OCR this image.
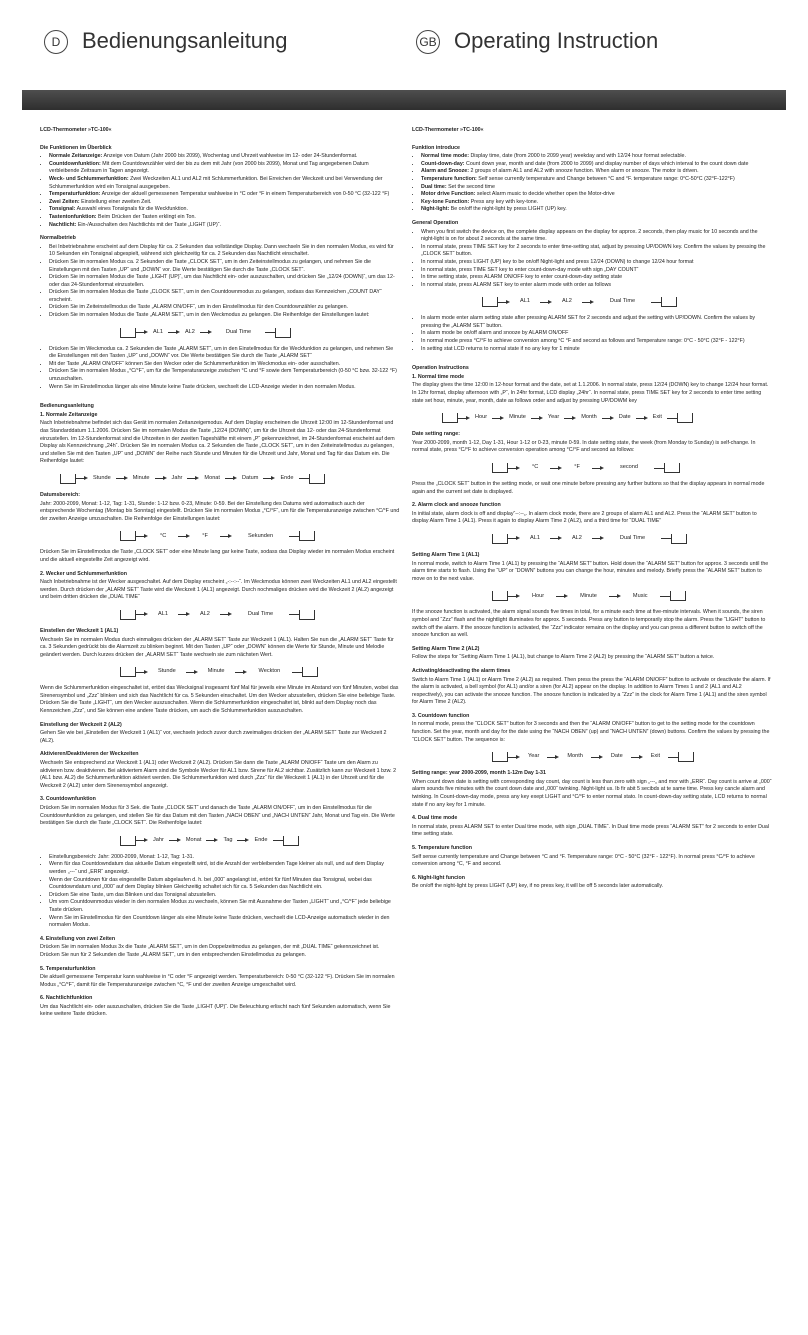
D Bedienungsanleitung	GB Operating Instruction

LCD-Thermometer »TC-100«

Die Funktionen im Überblick

• Normale Zeitanzeige: Anzeige von Datum (Jahr 2000 bis 2099), Wochentag und Uhrzeit wahlweise im 12- oder 24-Stundenformat.
• Countdownfunktion: Mit dem Countdownzähler wird der bis zu dem mit Jahr (von 2000 bis 2099), Monat und Tag angegebenen Datum verbleibende Zeitraum in Tagen angezeigt.
• Weck- und Schlummerfunktion: Zwei Weckzeiten AL1 und AL2 mit Schlummerfunktion. Bei Erreichen der Weckzeit und bei Verwendung der Schlummerfunktion wird ein Tonsignal ausgegeben.
• Temperaturfunktion: Anzeige der aktuell gemessenen Temperatur wahlweise in °C oder °F in einem Temperaturbereich von 0-50 °C (32-122 °F)
• Zwei Zeiten: Einstellung einer zweiten Zeit.
• Tonsignal: Auswahl eines Tonsignals für die Weckfunktion.
• Tastentonfunktion: Beim Drücken der Tasten erklingt ein Ton.
• Nachtlicht: Ein-/Ausschalten des Nachtlichts mit der Taste „LIGHT (UP)“.

Normalbetrieb

• Bei Inbetriebnahme erscheint auf dem Display für ca. 2 Sekunden das vollständige Display. Dann wechseln Sie in den normalen Modus, es wird für 10 Sekunden ein Tonsignal abgespielt, während sich gleichzeitig für ca. 2 Sekunden das Nachtlicht einschaltet.
• Drücken Sie im normalen Modus ca. 2 Sekunden die Taste „CLOCK SET“, um in den Zeiteinstellmodus zu gelangen, und nehmen Sie die Einstellungen mit den Tasten „UP“ und „DOWN“ vor. Die Werte bestätigen Sie durch die Taste „CLOCK SET“.
• Drücken Sie im normalen Modus die Taste „LIGHT (UP)“, um das Nachtlicht ein- oder auszuschalten, und drücken Sie „12/24 (DOWN)“, um das 12- oder das 24-Stundenformat einzustellen.
• Drücken Sie im normalen Modus die Taste „CLOCK SET“, um in den Countdownmodus zu gelangen, sodass das Kennzeichen „COUNT DAY“ erscheint.
• Drücken Sie im Zeiteinstellmodus die Taste „ALARM ON/OFF“, um in den Einstellmodus für den Countdownzähler zu gelangen.
• Drücken Sie im normalen Modus die Taste „ALARM SET“, um in den Weckmodus zu gelangen. Die Reihenfolge der Einstellungen lautet:
AL1	AL2	Dual Time
• Drücken Sie im Weckmodus ca. 2 Sekunden die Taste „ALARM SET“, um in den Einstellmodus für die Weckfunktion zu gelangen, und nehmen Sie die Einstellungen mit den Tasten „UP“ und „DOWN“ vor. Die Werte bestätigen Sie durch die Taste „ALARM SET“
• Mit der Taste „ALARM ON/OFF“ können Sie den Wecker oder die Schlummerfunktion im Weckmodus ein- oder ausschalten.
• Drücken Sie im normalen Modus „°C/°F“, um für die Temperaturanzeige zwischen °C und °F sowie dem Temperaturbereich (0-50 °C bzw. 32-122 °F) umzuschalten.
• Wenn Sie im Einstellmodus länger als eine Minute keine Taste drücken, wechselt die LCD-Anzeige wieder in den normalen Modus.

Bedienungsanleitung

1. Normale Zeitanzeige

Nach Inbetriebnahme befindet sich das Gerät im normalen Zeitanzeigemodus. Auf dem Display erscheinen die Uhrzeit 12:00 im 12-Stundenformat und das Standarddatum 1.1.2006. Drücken Sie im normalen Modus die Taste „12/24 (DOWN)“, um für die Uhrzeit das 12- oder das 24-Stundenformat einzustellen. Im 12-Stundenformat sind die Uhrzeiten in der zweiten Tageshälfte mit einem „P“ gekennzeichnet, im 24-Stundenformat erscheint auf dem Display als Kennzeichnung „24h“. Drücken Sie im normalen Modus ca. 2 Sekunden die Taste „CLOCK SET“, um in den Zeiteinstellmodus zu gelangen, und stellen Sie mit den Tasten „UP“ und „DOWN“ der Reihe nach Stunde und Minuten für die Uhrzeit und Jahr, Monat und Tag für das Datum ein. Die Reihenfolge lautet:

Stunde	Minute	Jahr	Monat	Datum	Ende

Datumsbereich:

Jahr: 2000-2099, Monat: 1-12, Tag: 1-31, Stunde: 1-12 bzw. 0-23, Minute: 0-59. Bei der Einstellung des Datums wird automatisch auch der entsprechende Wochentag (Montag bis Sonntag) eingestellt. Drücken Sie im normalen Modus „°C/°F“, um für die Temperaturanzeige zwischen °C/°F und der zweiten Anzeige umzuschalten. Die Reihenfolge der Einstellungen lautet:

°C	°F	Sekunden

Drücken Sie im Einstellmodus die Taste „CLOCK SET“ oder eine Minute lang gar keine Taste, sodass das Display wieder im normalen Modus erscheint und die aktuell eingestellte Zeit angezeigt wird.

2. Wecker und Schlummerfunktion

Nach Inbetriebnahme ist der Wecker ausgeschaltet. Auf dem Display erscheint „-:--:--“. Im Weckmodus können zwei Weckzeiten AL1 und AL2 eingestellt werden. Durch drücken der „ALARM SET“ Taste wird die Weckzeit 1 (AL1) angezeigt. Durch nochmaliges drücken wird die Weckzeit 2 (AL2) angezeigt und beim dritten drücken die „DUAL TIME“

AL1	AL2	Dual Time

Einstellen der Weckzeit 1 (AL1)

Wechseln Sie im normalen Modus durch einmaliges drücken der „ALARM SET“ Taste zur Weckzeit 1 (AL1). Halten Sie nun die „ALARM SET“ Taste für ca. 3 Sekunden gedrückt bis die Alarmzeit zu blinken beginnt. Mit den Tasten „UP“ oder „DOWN“ können die Werte für Stunde, Minute und Melodie geändert werden. Durch kurzes drücken der „ALARM SET“ Taste wechseln sie zum nächsten Wert.

Stunde	Minute	Weckton

Wenn die Schlummerfunktion eingeschaltet ist, ertönt das Wecksignal insgesamt fünf Mal für jeweils eine Minute im Abstand von fünf Minuten, wobei das Sirenensymbol und „Zzz“ blinken und sich das Nachtlicht für ca. 5 Sekunden einschaltet. Um den Wecker abzustellen, drücken Sie eine beliebige Taste. Drücken Sie die Taste „LIGHT“, um den Wecker auszuschalten. Wenn die Schlummerfunktion eingeschaltet ist, blinkt auf dem Display noch das Kennzeichen „Zzz“, und Sie können eine andere Taste drücken, um auch die Schlummerfunktion auszuschalten.

Einstellung der Weckzeit 2 (AL2)

Gehen Sie wie bei „Einstellen der Weckzeit 1 (AL1)“ vor, wechseln jedoch zuvor durch zweimaliges drücken der „ALARM SET“ Taste zur Weckzeit 2 (AL2).

Aktivieren/Deaktivieren der Weckzeiten

Wechseln Sie entsprechend zur Weckzeit 1 (AL1) oder Weckzeit 2 (AL2). Drücken Sie dann die Taste „ALARM ON/OFF“ Taste um den Alarm zu aktivieren bzw. deaktivieren. Bei aktiviertem Alarm sind die Symbole Wecker für AL1 bzw. Sirene für AL2 sichtbar. Zusätzlich kann zur Weckzeit 1 bzw. 2 (AL1 bzw. AL2) die Schlummerfunktion aktiviert werden. Die Schlummerfunktion wird durch „Zzz“ für die Weckzeit 1 (AL1) in der Uhrzeit und für die Weckzeit 2 (AL2) unter dem Sirenensymbol angezeigt.

3. Countdownfunktion

Drücken Sie im normalen Modus für 3 Sek. die Taste „CLOCK SET“ und danach die Taste „ALARM ON/OFF“, um in den Einstellmodus für die Countdownfunktion zu gelangen, und stellen Sie für das Datum mit den Tasten „NACH OBEN“ und „NACH UNTEN“ Jahr, Monat und Tag ein. Die Werte bestätigen Sie durch die Taste „CLOCK SET“. Die Reihenfolge lautet:

Jahr	Monat	Tag	Ende
• Einstellungsbereich: Jahr: 2000-2099, Monat: 1-12, Tag: 1-31.
• Wenn für das Countdowndatum das aktuelle Datum eingestellt wird, ist die Anzahl der verbleibenden Tage kleiner als null, und auf dem Display werden „---“ und „ERR“ angezeigt.
• Wenn der Countdown für das eingestellte Datum abgelaufen d. h. bei „000“ angelangt ist, ertönt für fünf Minuten das Tonsignal, wobei das Countdowndatum und „000“ auf dem Display blinken Gleichzeitig schaltet sich für ca. 5 Sekunden das Nachtlicht ein.
• Drücken Sie eine Taste, um das Blinken und das Tonsignal abzustellen.
• Um vom Countdownmodus wieder in den normalen Modus zu wechseln, können Sie mit Ausnahme der Tasten „LIGHT“ und „°C/°F“ jede beliebige Taste drücken.
• Wenn Sie im Einstellmodus für den Countdown länger als eine Minute keine Taste drücken, wechselt die LCD-Anzeige automatisch wieder in den normalen Modus.

4. Einstellung von zwei Zeiten

Drücken Sie im normalen Modus 3x die Taste „ALARM SET“, um in den Doppelzeitmodus zu gelangen, der mit „DUAL TIME“ gekennzeichnet ist. Drücken Sie nun für 2 Sekunden die Taste „ALARM SET“, um in den entsprechenden Einstellmodus zu gelangen.

5. Temperaturfunktion

Die aktuell gemessene Temperatur kann wahlweise in °C oder °F angezeigt werden. Temperaturbereich: 0-50 °C (32-122 °F). Drücken Sie im normalen Modus „°C/°F“, damit für die Temperaturanzeige zwischen °C, °F und der zweiten Anzeige umgeschaltet wird.

6. Nachtlichtfunktion

Um das Nachtlicht ein- oder auszuschalten, drücken Sie die Taste „LIGHT (UP)“. Die Beleuchtung erlischt nach fünf Sekunden automatisch, wenn Sie keine weitere Taste drücken.

LCD-Thermometer »TC-100«

Funktion introduce

• Normal time mode: Display time, date (from 2000 to 2099 year) weekday and with 12/24 hour format selectable.
• Count-down-day: Count down year, month and date (from 2000 to 2099) and display number of days which interval to the count down date
• Alarm and Snooze: 2 groups of alarm AL1 and AL2 with snooze function. When alarm or snooze. The motor is driven.
• Temperature function: Self sense currently temperature and Change between °C and °F. temperature range: 0°C-50°C (32°F-122°F)
• Dual time: Set the second time
• Motor drive Function: select Alarm music to decide whether open the Motor-drive
• Key-tone Function: Press any key with key-tone.
• Night-light: Be on/off the night-light by press LIGHT (UP) key.

General Operation

• When you first switch the device on, the complete display appears on the display for approx. 2 seconds, then play music for 10 seconds and the night-light is on for about 2 seconds at the same time.
• In normal state, press TIME SET key for 2 seconds to enter time-setting stat, adjust by pressing UP/DOWN key. Confirm the values by pressing the „CLOCK SET“ button.
• In normal state, press LIGHT (UP) key to be on/off Night-light and press 12/24 (DOWN) to change 12/24 hour format
• In normal state, press TIME SET key to enter count-down-day mode with sign „DAY COUNT“
• In time setting state, press ALARM ON/OFF key to enter count-down-day setting state
• In normal state, press ALARM SET key to enter alarm mode with order as follows
AL1	AL2	Dual Time
• In alarm mode enter alarm setting state after pressing ALARM SET for 2 seconds and adjust the setting with UP/DOWN. Confirm the values by pressing the „ALARM SET“ button.
• In alarm mode be on/off alarm and snooze by ALARM ON/OFF
• In normal mode press °C/°F to achieve conversion among °C °F and second as follows and Temperature range: 0°C - 50°C (32°F - 122°F)
• In setting stat LCD returns to normal state if no any key for 1 minute

Operation Instructions

1. Normal time mode

The display gives the time 12:00 in 12-hour format and the date, set at 1.1.2006. In normal state, press 12/24 (DOWN) key to change 12/24 hour format. In 12hr format, display afternoon with „P“, In 24hr format, LCD display „24hr“. In normal state, press TIME SET key for 2 seconds to enter time setting state set hour, minute, year, month, date as follows order and adjust by pressing UP/DOWM key

Hour	Minute	Year	Month	Date	Exit

Date setting range:

Year 2000-2099, month 1-12, Day 1-31, Hour 1-12 or 0-23, minute 0-59. In date setting state, the week (from Monday to Sunday) is self-change. In normal state, press °C/°F to achieve conversion operation among °C/°F and second as follows:

°C	°F	second

Press the „CLOCK SET“ button in the setting mode, or wait one minute before pressing any further buttons so that the display appears in normal mode again and the current set date is displayed.

2. Alarm clock and snooze function

In initial state, alarm clock is off and display“--:--„. In alarm clock mode, there are 2 groups of alarm AL1 and AL2. Press the “ALARM SET” button to display Alarm Time 1 (AL1). Press it again to display Alarm Time 2 (AL2), and a third time for “DUAL TIME”

AL1	AL2	Dual Time

Setting Alarm Time 1 (AL1)

In normal mode, switch to Alarm Time 1 (AL1) by pressing the “ALARM SET” button. Hold down the “ALARM SET” button for approx. 3 seconds until the alarm time starts to flash. Using the “UP” or “DOWN” buttons you can change the hour, minutes and melody. Briefly press the “ALARM SET” button to move on to the next value.

Hour	Minute	Music

If the snooze function is activated, the alarm signal sounds five times in total, for a minute each time at five-minute intervals. When it sounds, the siren symbol and “Zzz” flash and the nightlight illuminates for approx. 5 seconds. Press any button to temporarily stop the alarm. Press the “LIGHT” button to switch off the alarm. If the snooze function is activated, the “Zzz” indicator remains on the display and you can press a different button to switch off the snooze function as well.

Setting Alarm Time 2 (AL2)

Follow the steps for “Setting Alarm Time 1 (AL1), but change to Alarm Time 2 (AL2) by pressing the “ALARM SET” button a twice.

Activating/deactivating the alarm times

Switch to Alarm Time 1 (AL1) or Alarm Time 2 (AL2) as required. Then press the press the “ALARM ON/OFF” button to activate or deactivate the alarm. If the alarm is activated, a bell symbol (for AL1) and/or a siren (for AL2) appear on the display. In addition to Alarm Times 1 and 2 (AL1 and AL2 respectively), you can activate the snooze function. The snooze function is indicated by a “Zzz” in the clock for Alarm Time 1 (AL1) and the siren symbol for Alarm Time 2 (AL2).

3. Countdown function

In normal mode, press the “CLOCK SET” button for 3 seconds and then the “ALARM ON/OFF” button to get to the setting mode for the countdown function. Set the year, month and day for the date using the “NACH OBEN” (up) and “NACH UNTEN” (down) buttons. Confirm the values by pressing the “CLOCK SET” button. The sequence is:

Year	Month	Date	Exit

Setting range: year 2000-2099, month 1-12m Day 1-31

When count down date is setting with corresponding day count, day count is less than zero with sign „---„ and mor with „ERR“. Day count is arrive at „000“ alarm sounds five minutes with the count down date and „000“ twinking. Night-light us. Ib fir abit 5 secibds at te same time. Press key cancle alarm and twinking. In Count-down-day mode, press any key exept LIGHT and °C/°F to enter normal stato. In count-down-day setting state, LCD returns to normal state if no any key for 1 minute.

4. Dual time mode

In normal state, press ALARM SET to enter Dual time mode, with sign „DUAL TIME“. In Dual time mode press “ALARM SET” for 2 seconds to enter Dual time setting state.

5. Temperature function

Self sense currently temperature and Change between °C and °F. Temperature range: 0°C - 50°C (32°F - 122°F). In normal press °C/°F to achieve conversion among °C, °F and second.

6. Night-light funcion

Be on/off the night-light by press LIGHT (UP) key, if no press key, it will be off 5 seconds later automatically.
